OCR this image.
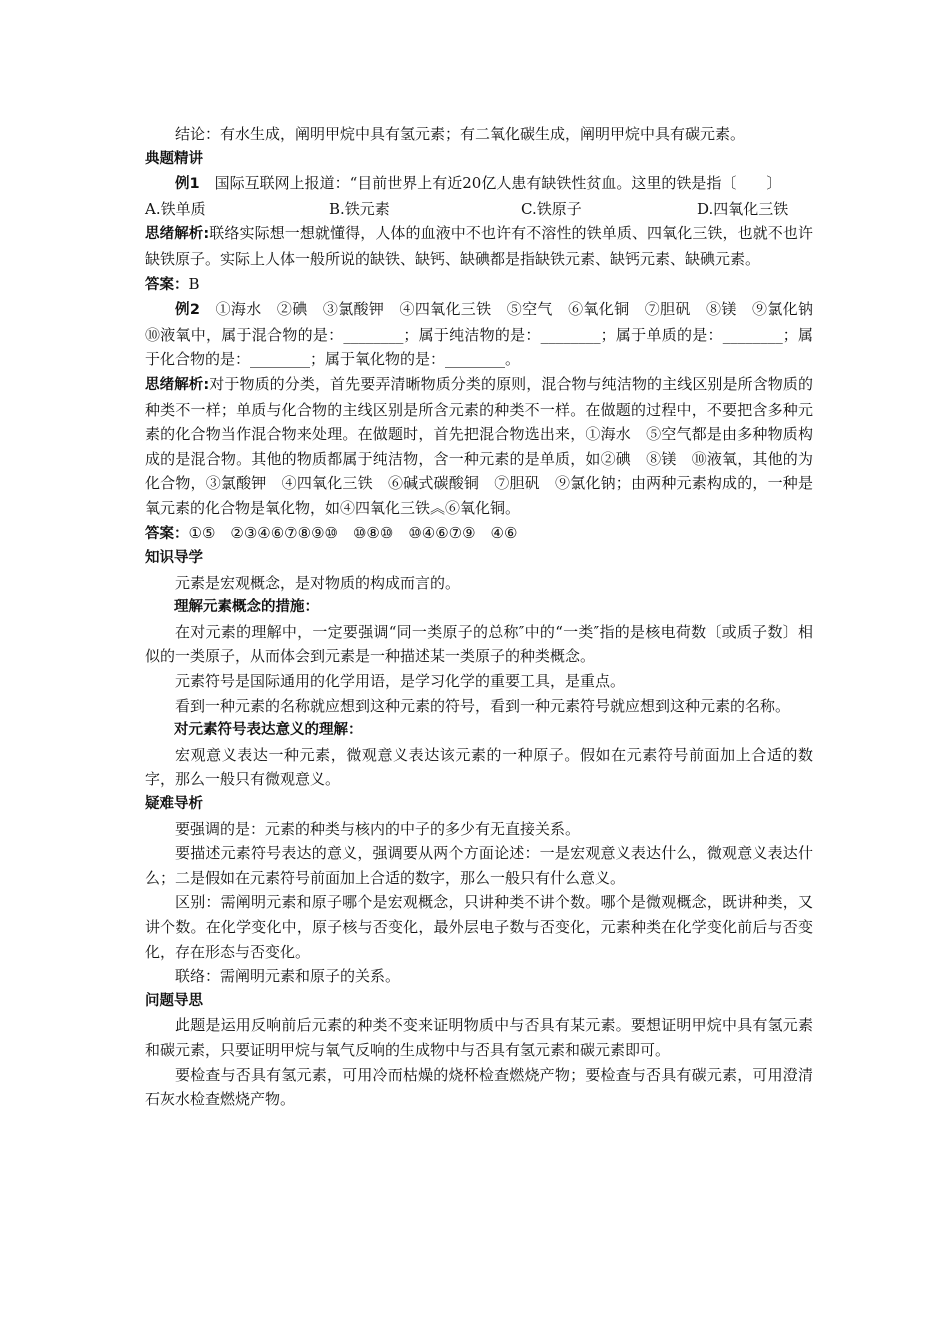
结论：有水生成，阐明甲烷中具有氢元素；有二氧化碳生成，阐明甲烷中具有碳元素。

典题精讲

例1　国际互联网上报道：“目前世界上有近20亿人患有缺铁性贫血。这里的铁是指〔　　〕

A.铁单质	B.铁元素	C.铁原子	D.四氧化三铁

思绪解析:联络实际想一想就懂得，人体的血液中不也许有不溶性的铁单质、四氧化三铁，也就不也许缺铁原子。实际上人体一般所说的缺铁、缺钙、缺碘都是指缺铁元素、缺钙元素、缺碘元素。

答案：B

例2　①海水　②碘　③氯酸钾　④四氧化三铁　⑤空气　⑥氧化铜　⑦胆矾　⑧镁　⑨氯化钠　⑩液氧中，属于混合物的是：________；属于纯洁物的是：________；属于单质的是：________；属于化合物的是：________；属于氧化物的是：________。

思绪解析:对于物质的分类，首先要弄清晰物质分类的原则，混合物与纯洁物的主线区别是所含物质的种类不一样；单质与化合物的主线区别是所含元素的种类不一样。在做题的过程中，不要把含多种元素的化合物当作混合物来处理。在做题时，首先把混合物选出来，①海水　⑤空气都是由多种物质构成的是混合物。其他的物质都属于纯洁物，含一种元素的是单质，如②碘　⑧镁　⑩液氧，其他的为化合物，③氯酸钾　④四氧化三铁　⑥碱式碳酸铜　⑦胆矾　⑨氯化钠；由两种元素构成的，一种是氧元素的化合物是氧化物，如④四氧化三铁︽⑥氧化铜。

答案：①⑤　②③④⑥⑦⑧⑨⑩　⑩⑧⑩　⑩④⑥⑦⑨　④⑥

知识导学

元素是宏观概念，是对物质的构成而言的。

理解元素概念的措施：

在对元素的理解中，一定要强调“同一类原子的总称″中的“一类″指的是核电荷数〔或质子数〕相似的一类原子，从而体会到元素是一种描述某一类原子的种类概念。

元素符号是国际通用的化学用语，是学习化学的重要工具，是重点。

看到一种元素的名称就应想到这种元素的符号，看到一种元素符号就应想到这种元素的名称。

对元素符号表达意义的理解：

宏观意义表达一种元素，微观意义表达该元素的一种原子。假如在元素符号前面加上合适的数字，那么一般只有微观意义。

疑难导析

要强调的是：元素的种类与核内的中子的多少有无直接关系。

要描述元素符号表达的意义，强调要从两个方面论述：一是宏观意义表达什么，微观意义表达什么；二是假如在元素符号前面加上合适的数字，那么一般只有什么意义。

区别：需阐明元素和原子哪个是宏观概念，只讲种类不讲个数。哪个是微观概念，既讲种类，又讲个数。在化学变化中，原子核与否变化，最外层电子数与否变化，元素种类在化学变化前后与否变化，存在形态与否变化。

联络：需阐明元素和原子的关系。

问题导思

此题是运用反响前后元素的种类不变来证明物质中与否具有某元素。要想证明甲烷中具有氢元素和碳元素，只要证明甲烷与氧气反响的生成物中与否具有氢元素和碳元素即可。

要检查与否具有氢元素，可用冷而枯燥的烧杯检查燃烧产物；要检查与否具有碳元素，可用澄清石灰水检查燃烧产物。
